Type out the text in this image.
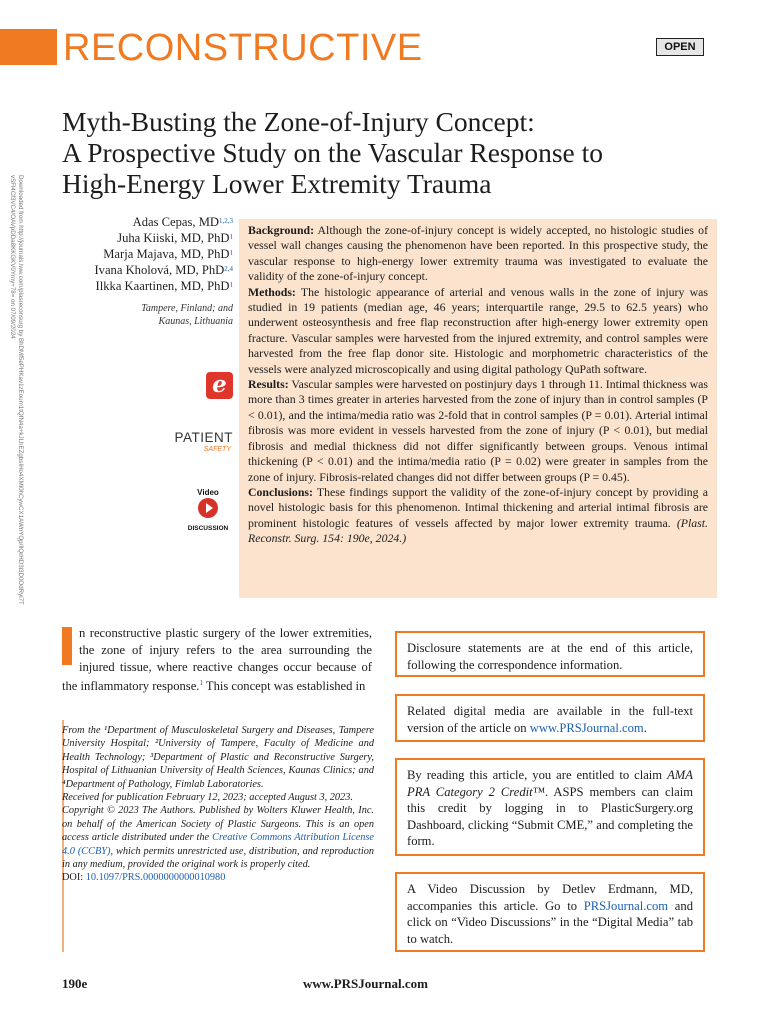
RECONSTRUCTIVE	OPEN
Myth-Busting the Zone-of-Injury Concept:
A Prospective Study on the Vascular Response to
High-Energy Lower Extremity Trauma
Downloaded from http://journals.lww.com/plasreconsurg by BhDMf5ePHKav1zEoum1tQfN4a+kJLhEZgbsIHo4XMi0hCywCX1AWnYQp/IlQrHD3i3D0OdRyi7TvSFl4Cf3VC4/OAVpDDa8KKGKV0Ymy+78= on 07/09/2024	Adas Cepas, MD$^{1,2,3}$
Juha Kiiski, MD, PhD$^1$
Marja Majava, MD, PhD$^1$
Ivana Kholová, MD, PhD$^{2,4}$
Ilkka Kaartinen, MD, PhD$^1$
Tampere, Finland; and
Kaunas, Lithuania
e
PATIENT
SAFETY
Video
DISCUSSION

Background: Although the zone-of-injury concept is widely accepted, no histologic studies of vessel wall changes causing the phenomenon have been reported. In this prospective study, the vascular response to high-energy lower extremity trauma was investigated to evaluate the validity of the zone-of-injury concept.

Methods: The histologic appearance of arterial and venous walls in the zone of injury was studied in 19 patients (median age, 46 years; interquartile range, 29.5 to 62.5 years) who underwent osteosynthesis and free flap reconstruction after high-energy lower extremity open fracture. Vascular samples were harvested from the injured extremity, and control samples were harvested from the free flap donor site. Histologic and morphometric characteristics of the vessels were analyzed microscopically and using digital pathology QuPath software.

Results: Vascular samples were harvested on postinjury days 1 through 11. Intimal thickness was more than 3 times greater in arteries harvested from the zone of injury than in control samples (P < 0.01), and the intima/media ratio was 2-fold that in control samples (P = 0.01). Arterial intimal fibrosis was more evident in vessels harvested from the zone of injury (P < 0.01), but medial fibrosis and medial thickness did not differ significantly between groups. Venous intimal thickening (P < 0.01) and the intima/media ratio (P = 0.02) were greater in samples from the zone of injury. Fibrosis-related changes did not differ between groups (P = 0.45).

Conclusions: These findings support the validity of the zone-of-injury concept by providing a novel histologic basis for this phenomenon. Intimal thickening and arterial intimal fibrosis are prominent histologic features of vessels affected by major lower extremity trauma. (Plast. Reconstr. Surg. 154: 190e, 2024.)

n reconstructive plastic surgery of the lower extremities, the zone of injury refers to the area surrounding the injured tissue, where reactive changes occur because of the inflammatory response.$^1$ This concept was established in

From the ¹Department of Musculoskeletal Surgery and Diseases, Tampere University Hospital; ²University of Tampere, Faculty of Medicine and Health Technology; ³Department of Plastic and Reconstructive Surgery, Hospital of Lithuanian University of Health Sciences, Kaunas Clinics; and ⁴Department of Pathology, Fimlab Laboratories.

Received for publication February 12, 2023; accepted August 3, 2023.

Copyright © 2023 The Authors. Published by Wolters Kluwer Health, Inc. on behalf of the American Society of Plastic Surgeons. This is an open access article distributed under the Creative Commons Attribution License 4.0 (CCBY), which permits unrestricted use, distribution, and reproduction in any medium, provided the original work is properly cited.

DOI: 10.1097/PRS.0000000000010980

Disclosure statements are at the end of this article, following the correspondence information.
Related digital media are available in the full-text version of the article on www.PRSJournal.com.
By reading this article, you are entitled to claim AMA PRA Category 2 Credit™. ASPS members can claim this credit by logging in to PlasticSurgery.org Dashboard, clicking “Submit CME,” and completing the form.
A Video Discussion by Detlev Erdmann, MD, accompanies this article. Go to PRSJournal.com and click on “Video Discussions” in the “Digital Media” tab to watch.
190e	www.PRSJournal.com
